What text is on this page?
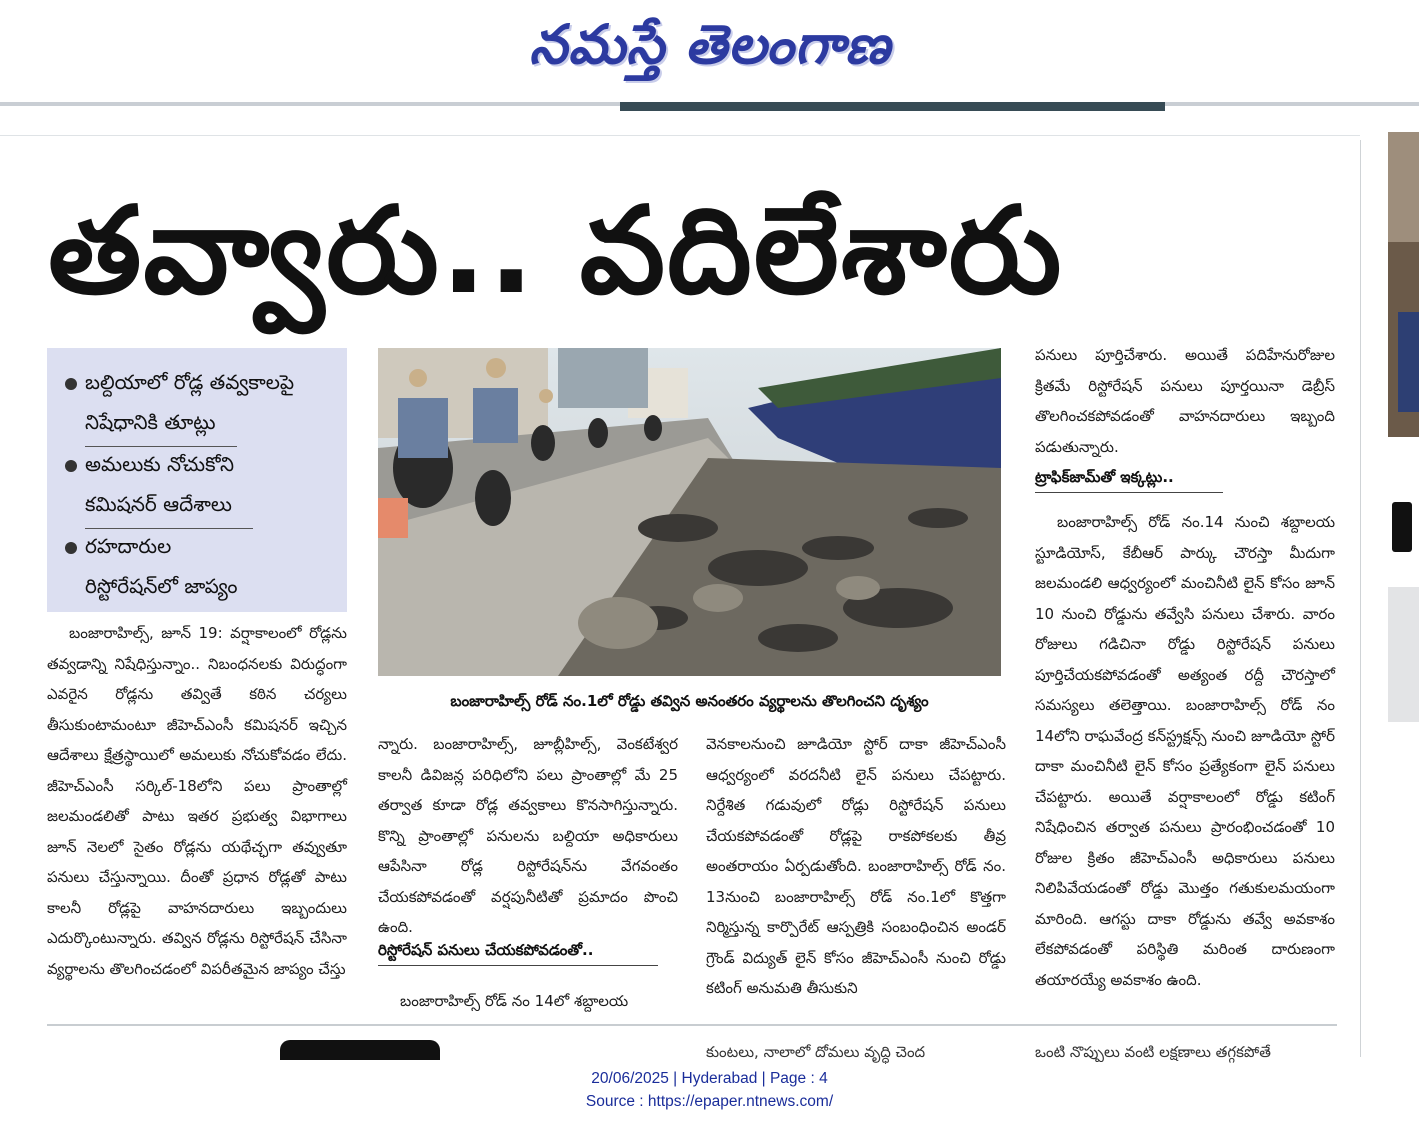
నమస్తే తెలంగాణ
తవ్వారు.. వదిలేశారు
బల్దియాలో రోడ్ల తవ్వకాలపై
నిషేధానికి తూట్లు
అమలుకు నోచుకోని
కమిషనర్‌ ఆదేశాలు
రహదారుల
రిస్టోరేషన్‌లో జాప్యం
బంజారాహిల్స్‌ రోడ్‌ నం.1లో రోడ్డు తవ్విన అనంతరం వ్యర్థాలను తొలగించని దృశ్యం

బంజారాహిల్స్‌, జూన్‌ 19: వర్షాకాలంలో రోడ్లను తవ్వడాన్ని నిషేధిస్తున్నాం.. నిబంధనలకు విరుద్ధంగా ఎవరైన రోడ్లను తవ్వితే కఠిన చర్యలు తీసుకుంటామంటూ జీహెచ్‌ఎంసీ కమిషనర్‌ ఇచ్చిన ఆదేశాలు క్షేత్రస్థాయిలో అమలుకు నోచుకోవడం లేదు. జీహెచ్‌ఎంసీ సర్కిల్‌-18లోని పలు ప్రాంతాల్లో జలమండలితో పాటు ఇతర ప్రభుత్వ విభాగాలు జూన్‌ నెలలో సైతం రోడ్లను యథేచ్ఛగా తవ్వుతూ పనులు చేస్తున్నాయి. దీంతో ప్రధాన రోడ్లతో పాటు కాలనీ రోడ్లపై వాహనదారులు ఇబ్బందులు ఎదుర్కొంటున్నారు. తవ్విన రోడ్లను రిస్టోరేషన్‌ చేసినా వ్యర్థాలను తొలగించడంలో విపరీతమైన జాప్యం చేస్తు

న్నారు. బంజారాహిల్స్‌, జూబ్లీహిల్స్‌, వెంకటేశ్వర కాలనీ డివిజన్ల పరిధిలోని పలు ప్రాంతాల్లో మే 25 తర్వాత కూడా రోడ్ల తవ్వకాలు కొనసాగిస్తున్నారు. కొన్ని ప్రాంతాల్లో పనులను బల్దియా అధికారులు ఆపేసినా రోడ్ల రిస్టోరేషన్‌ను వేగవంతం చేయకపోవడంతో వర్షపునీటితో ప్రమాదం పొంచి ఉంది.

రిస్టోరేషన్‌ పనులు చేయకపోవడంతో..

బంజారాహిల్స్‌ రోడ్‌ నం 14లో శబ్దాలయ

వెనకాలనుంచి జూడియో స్టోర్‌ దాకా జీహెచ్‌ఎంసీ ఆధ్వర్యంలో వరదనీటి లైన్‌ పనులు చేపట్టారు. నిర్దేశిత గడువులో రోడ్లు రిస్టోరేషన్‌ పనులు చేయకపోవడంతో రోడ్లపై రాకపోకలకు తీవ్ర అంతరాయం ఏర్పడుతోంది. బంజారాహిల్స్‌ రోడ్‌ నం. 13నుంచి బంజారాహిల్స్‌ రోడ్‌ నం.1లో కొత్తగా నిర్మిస్తున్న కార్పొరేట్‌ ఆస్పత్రికి సంబంధించిన అండర్‌ గ్రౌండ్‌ విద్యుత్‌ లైన్‌ కోసం జీహెచ్‌ఎంసీ నుంచి రోడ్డు కటింగ్‌ అనుమతి తీసుకుని

పనులు పూర్తిచేశారు. అయితే పదిహేనురోజుల క్రితమే రిస్టోరేషన్‌ పనులు పూర్తయినా డెబ్రీస్‌ తొలగించకపోవడంతో వాహనదారులు ఇబ్బంది పడుతున్నారు.

ట్రాఫిక్‌జామ్‌తో ఇక్కట్లు..

బంజారాహిల్స్‌ రోడ్‌ నం.14 నుంచి శబ్దాలయ స్టూడియోస్‌, కేబీఆర్‌ పార్కు చౌరస్తా మీదుగా జలమండలి ఆధ్వర్యంలో మంచినీటి లైన్‌ కోసం జూన్‌ 10 నుంచి రోడ్డును తవ్వేసి పనులు చేశారు. వారం రోజులు గడిచినా రోడ్డు రిస్టోరేషన్‌ పనులు పూర్తిచేయకపోవడంతో అత్యంత రద్దీ చౌరస్తాలో సమస్యలు తలెత్తాయి. బంజారాహిల్స్‌ రోడ్‌ నం 14లోని రాఘవేంద్ర కన్‌స్ట్రక్షన్స్‌ నుంచి జూడియో స్టోర్‌ దాకా మంచినీటి లైన్‌ కోసం ప్రత్యేకంగా లైన్‌ పనులు చేపట్టారు. అయితే వర్షాకాలంలో రోడ్డు కటింగ్‌ నిషేధించిన తర్వాత పనులు ప్రారంభించడంతో 10 రోజుల క్రితం జీహెచ్‌ఎంసీ అధికారులు పనులు నిలిపివేయడంతో రోడ్డు మొత్తం గతుకులమయంగా మారింది. ఆగస్టు దాకా రోడ్డును తవ్వే అవకాశం లేకపోవడంతో పరిస్థితి మరింత దారుణంగా తయారయ్యే అవకాశం ఉంది.

కుంటలు, నాలాలో దోమలు వృద్ధి చెంద	ఒంటి నొప్పులు వంటి లక్షణాలు తగ్గకపోతే
20/06/2025 | Hyderabad | Page : 4
Source : https://epaper.ntnews.com/
